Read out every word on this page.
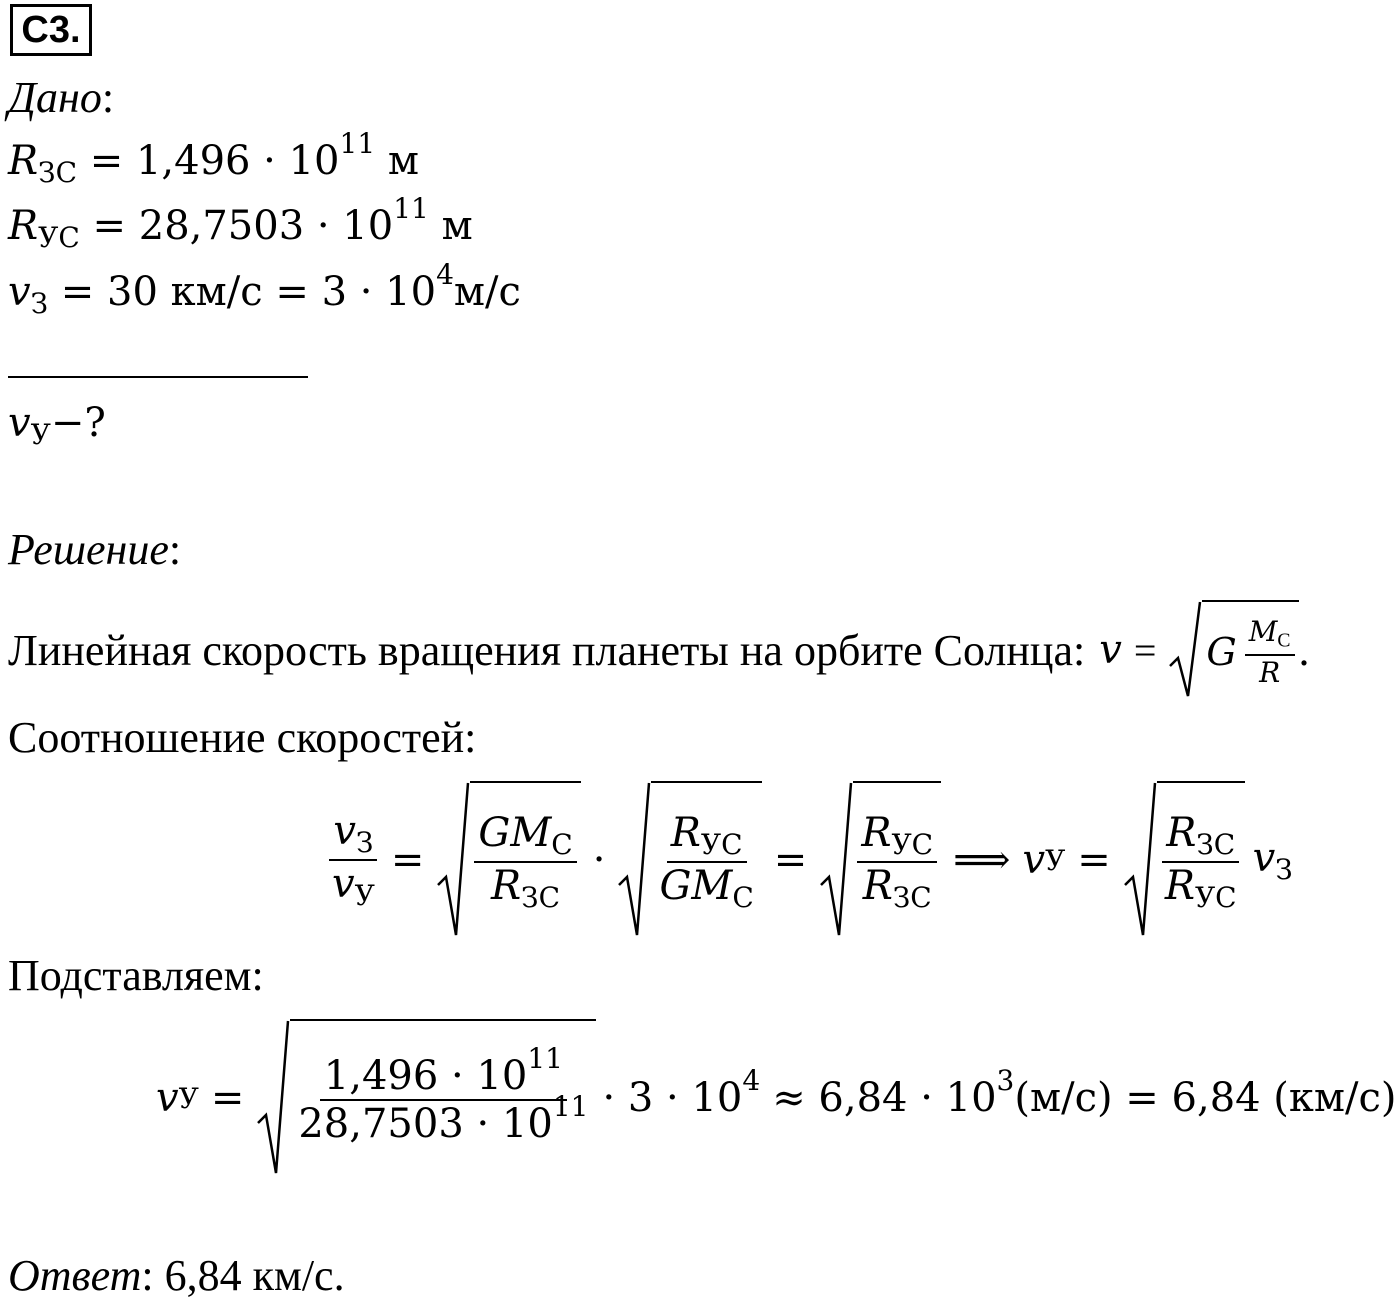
С3.
Дано:
$R_{ЗС} = 1,496 \cdot 10^{11}$ м
$R_{УС} = 28,7503 \cdot 10^{11}$ м
$v_З = 30$ $км/с = 3 \cdot 10^4м/с$
$v_У-$?
Решение:
Линейная скорость вращения планеты на орбите Солнца: v = G $\frac{M_С}{R}$ .
Соотношение скоростей:
$\frac{v_З}{v_У} = \frac{GM_С}{R_{ЗС}} \cdot \frac{R_{УС}}{GM_С} = \frac{R_{УС}}{R_{ЗС}}$ ⟹ v $У = \frac{R_{ЗС}}{R_{УС}} v_З$
Подставляем:
v $У = \frac{1,496 \cdot 10^{11}}{28,7503 \cdot 10^{11}} \cdot 3 \cdot 10^4 \approx 6,84 \cdot 10^3(м/с) = 6,84$ (км/с)
Ответ: 6,84 км/с.
